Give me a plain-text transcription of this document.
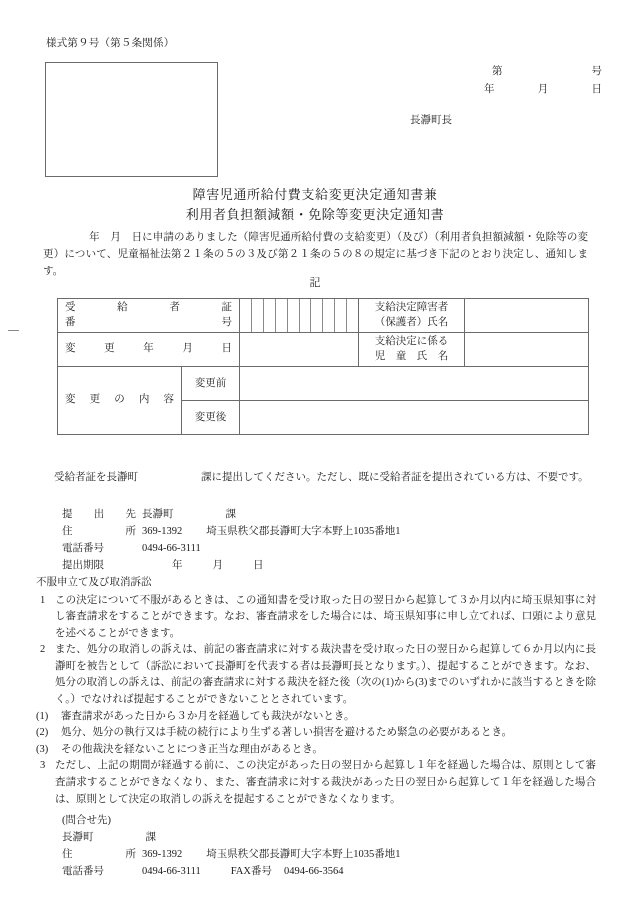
様式第９号（第５条関係）
第	号
年	月	日
長瀞町長
障害児通所給付費支給変更決定通知書兼
利用者負担額減額・免除等変更決定通知書
年　月　日に申請のありました（障害児通所給付費の支給変更）（及び）（利用者負担額減額・免除等の変更）について、児童福祉法第２１条の５の３及び第２１条の５の８の規定に基づき下記のとおり決定し、通知します。
記
受給者証
番　　号			支給決定障害者
（保護者）氏名	

変更年月日			支給決定に係る
児　童　氏　名	

変更の内容	変更前			
	変更後			
受給者証を長瀞町　　　　　　課に提出してください。ただし、既に受給者証を提出されている方は、不要です。
提出先 長瀞町	課
住所 369-1392 埼玉県秩父郡長瀞町大字本野上1035番地1
電話番号	0494-66-3111
提出期限	年	月	日
不服申立て及び取消訴訟
1 この決定について不服があるときは、この通知書を受け取った日の翌日から起算して３か月以内に埼玉県知事に対し審査請求をすることができます。なお、審査請求をした場合には、埼玉県知事に申し立てれば、口頭により意見を述べることができます。
2 また、処分の取消しの訴えは、前記の審査請求に対する裁決書を受け取った日の翌日から起算して６か月以内に長瀞町を被告として（訴訟において長瀞町を代表する者は長瀞町長となります。）、提起することができます。なお、処分の取消しの訴えは、前記の審査請求に対する裁決を経た後（次の(1)から(3)までのいずれかに該当するときを除く。）でなければ提起することができないこととされています。
(1)	審査請求があった日から３か月を経過しても裁決がないとき。
(2)	処分、処分の執行又は手続の続行により生ずる著しい損害を避けるため緊急の必要があるとき。
(3)	その他裁決を経ないことにつき正当な理由があるとき。
3 ただし、上記の期間が経過する前に、この決定があった日の翌日から起算し１年を経過した場合は、原則として審査請求することができなくなり、また、審査請求に対する裁決があった日の翌日から起算して１年を経過した場合は、原則として決定の取消しの訴えを提起することができなくなります。
(問合せ先)
長瀞町	課
住所 369-1392 埼玉県秩父郡長瀞町大字本野上1035番地1
電話番号	0494-66-3111	FAX番号 0494-66-3564
